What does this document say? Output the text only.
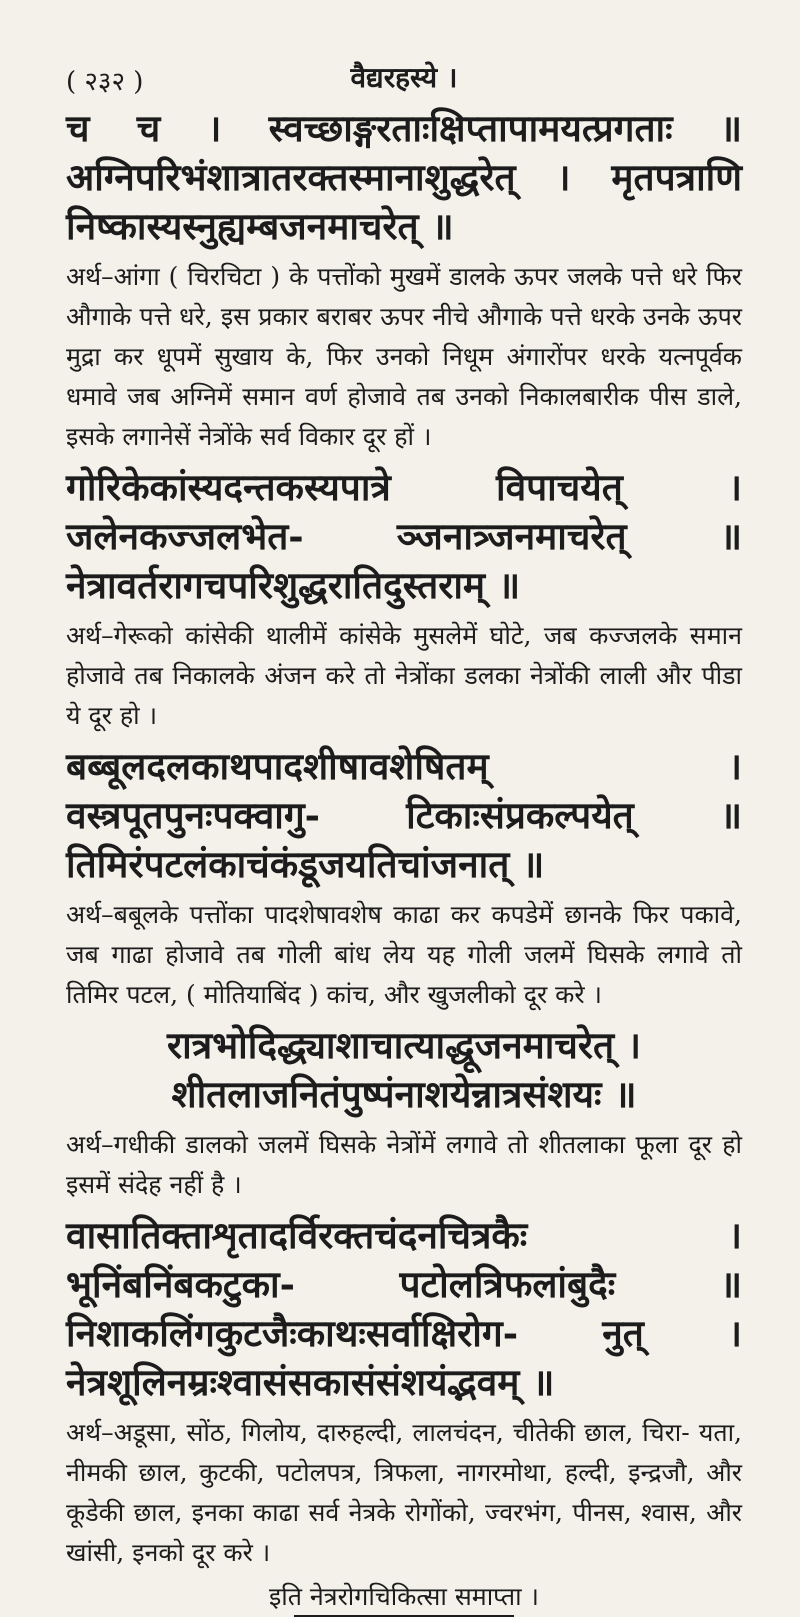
( २३२ )	वैद्यरहस्ये ।
च च । स्वच्छाङ्गरताःक्षिप्तापामयत्प्रगताः ॥ अग्निपरिभंशात्रातरक्तस्मानाशुद्धरेत् । मृतपत्राणि निष्कास्यस्नुह्यम्बजनमाचरेत् ॥
अर्थ–आंगा ( चिरचिटा ) के पत्तोंको मुखमें डालके ऊपर जलके पत्ते धरे फिर औगाके पत्ते धरे, इस प्रकार बराबर ऊपर नीचे औगाके पत्ते धरके उनके ऊपर मुद्रा कर धूपमें सुखाय के, फिर उनको निधूम अंगारोंपर धरके यत्नपूर्वक धमावे जब अग्निमें समान वर्ण होजावे तब उनको निकालबारीक पीस डाले, इसके लगानेसें नेत्रोंके सर्व विकार दूर हों ।
गोरिकेकांस्यदन्तकस्यपात्रे विपाचयेत् । जलेनकज्जलभेत- ञ्जनात्र्जनमाचरेत् ॥ नेत्रावर्तरागचपरिशुद्धरातिदुस्तराम् ॥
अर्थ–गेरूको कांसेकी थालीमें कांसेके मुसलेमें घोटे, जब कज्जलके समान होजावे तब निकालके अंजन करे तो नेत्रोंका डलका नेत्रोंकी लाली और पीडा ये दूर हो ।
बब्बूलदलकाथपादशीषावशेषितम् ।वस्त्रपूतपुनःपक्वागु- टिकाःसंप्रकल्पयेत् ॥तिमिरंपटलंकाचंकंडूजयतिचांजनात् ॥
अर्थ–बबूलके पत्तोंका पादशेषावशेष काढा कर कपडेमें छानके फिर पकावे, जब गाढा होजावे तब गोली बांध लेय यह गोली जलमें घिसके लगावे तो तिमिर पटल, ( मोतियाबिंद ) कांच, और खुजलीको दूर करे ।
रात्रभोदिद्ध्याशाचात्याद्धूजनमाचरेत् । शीतलाजनितंपुष्पंनाशयेन्नात्रसंशयः ॥
अर्थ–गधीकी डालको जलमें घिसके नेत्रोंमें लगावे तो शीतलाका फूला दूर हो इसमें संदेह नहीं है ।
वासातिक्ताशृतादर्विरक्तचंदनचित्रकैः । भूनिंबनिंबकटुका- पटोलत्रिफलांबुदैः ॥ निशाकलिंगकुटजैःकाथःसर्वाक्षिरोग- नुत् । नेत्रशूलिनम्रःश्वासंसकासंसंशयंद्भवम् ॥
अर्थ–अडूसा, सोंठ, गिलोय, दारुहल्दी, लालचंदन, चीतेकी छाल, चिरा- यता, नीमकी छाल, कुटकी, पटोलपत्र, त्रिफला, नागरमोथा, हल्दी, इन्द्रजौ, और कूडेकी छाल, इनका काढा सर्व नेत्रके रोगोंको, ज्वरभंग, पीनस, श्वास, और खांसी, इनको दूर करे ।
इति नेत्ररोगचिकित्सा समाप्ता ।
